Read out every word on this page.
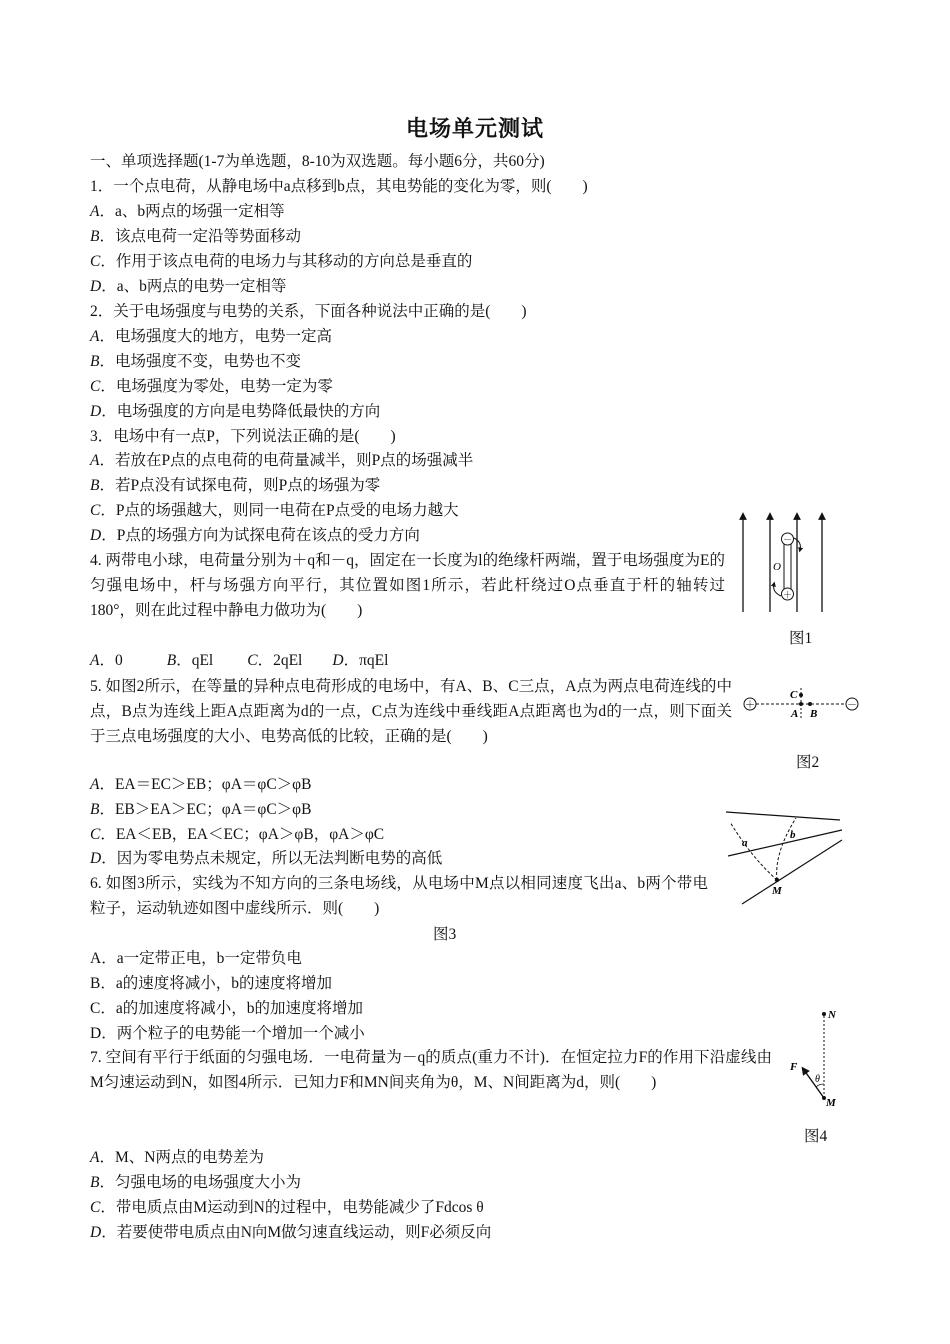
电场单元测试
一、单项选择题(1-7为单选题，8-10为双选题。每小题6分，共60分)
1．一个点电荷，从静电场中a点移到b点，其电势能的变化为零，则(　　)
A．a、b两点的场强一定相等
B．该点电荷一定沿等势面移动
C．作用于该点电荷的电场力与其移动的方向总是垂直的
D．a、b两点的电势一定相等
2．关于电场强度与电势的关系，下面各种说法中正确的是(　　)
A．电场强度大的地方，电势一定高
B．电场强度不变，电势也不变
C．电场强度为零处，电势一定为零
D．电场强度的方向是电势降低最快的方向
3．电场中有一点P，下列说法正确的是(　　)
A．若放在P点的点电荷的电荷量减半，则P点的场强减半
B．若P点没有试探电荷，则P点的场强为零
C．P点的场强越大，则同一电荷在P点受的电场力越大
D．P点的场强方向为试探电荷在该点的受力方向
4. 两带电小球，电荷量分别为＋q和－q，固定在一长度为l的绝缘杆两端，置于电场强度为E的匀强电场中，杆与场强方向平行，其位置如图1所示，若此杆绕过O点垂直于杆的轴转过180°，则在此过程中静电力做功为(　　)
A．0	B．qEl C．2qEl D．πqEl
5. 如图2所示，在等量的异种点电荷形成的电场中，有A、B、C三点，A点为两点电荷连线的中点，B点为连线上距A点距离为d的一点，C点为连线中垂线距A点距离也为d的一点，则下面关于三点电场强度的大小、电势高低的比较，正确的是(　　)
A．EA＝EC＞EB；φA＝φC＞φB
B．EB＞EA＞EC；φA＝φC＞φB
C．EA＜EB，EA＜EC；φA＞φB，φA＞φC
D．因为零电势点未规定，所以无法判断电势的高低
6. 如图3所示，实线为不知方向的三条电场线，从电场中M点以相同速度飞出a、b两个带电粒子，运动轨迹如图中虚线所示．则(　　)
A．a一定带正电，b一定带负电
B．a的速度将减小，b的速度将增加
C．a的加速度将减小，b的加速度将增加
D．两个粒子的电势能一个增加一个减小
7. 空间有平行于纸面的匀强电场．一电荷量为－q的质点(重力不计)．在恒定拉力F的作用下沿虚线由M匀速运动到N，如图4所示．已知力F和MN间夹角为θ，M、N间距离为d，则(　　)
A．M、N两点的电势差为
B．匀强电场的电场强度大小为
C．带电质点由M运动到N的过程中，电势能减少了Fdcos θ
D．若要使带电质点由N向M做匀速直线运动，则F必须反向
－
＋
O
图1
＋	－
A B
C
图2
a
b
M
图3
N
M
F
θ
图4
